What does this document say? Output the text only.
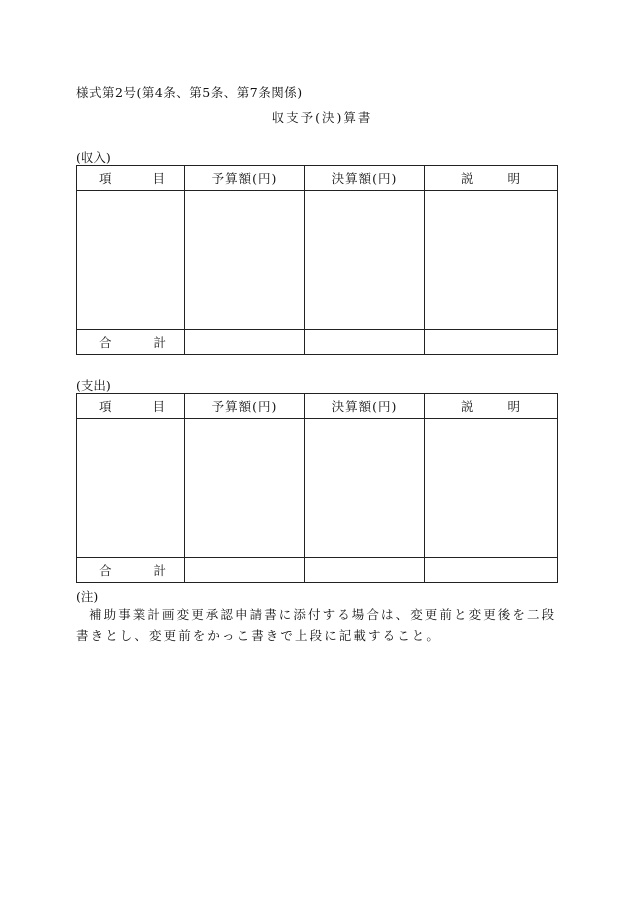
様式第2号(第4条、第5条、第7条関係)
収支予(決)算書
(収入)
項 目	予算額(円)	決算額(円)	説 明

合 計			

(支出)
項 目	予算額(円)	決算額(円)	説 明

合 計			

(注)
補助事業計画変更承認申請書に添付する場合は、変更前と変更後を二段書きとし、変更前をかっこ書きで上段に記載すること。
